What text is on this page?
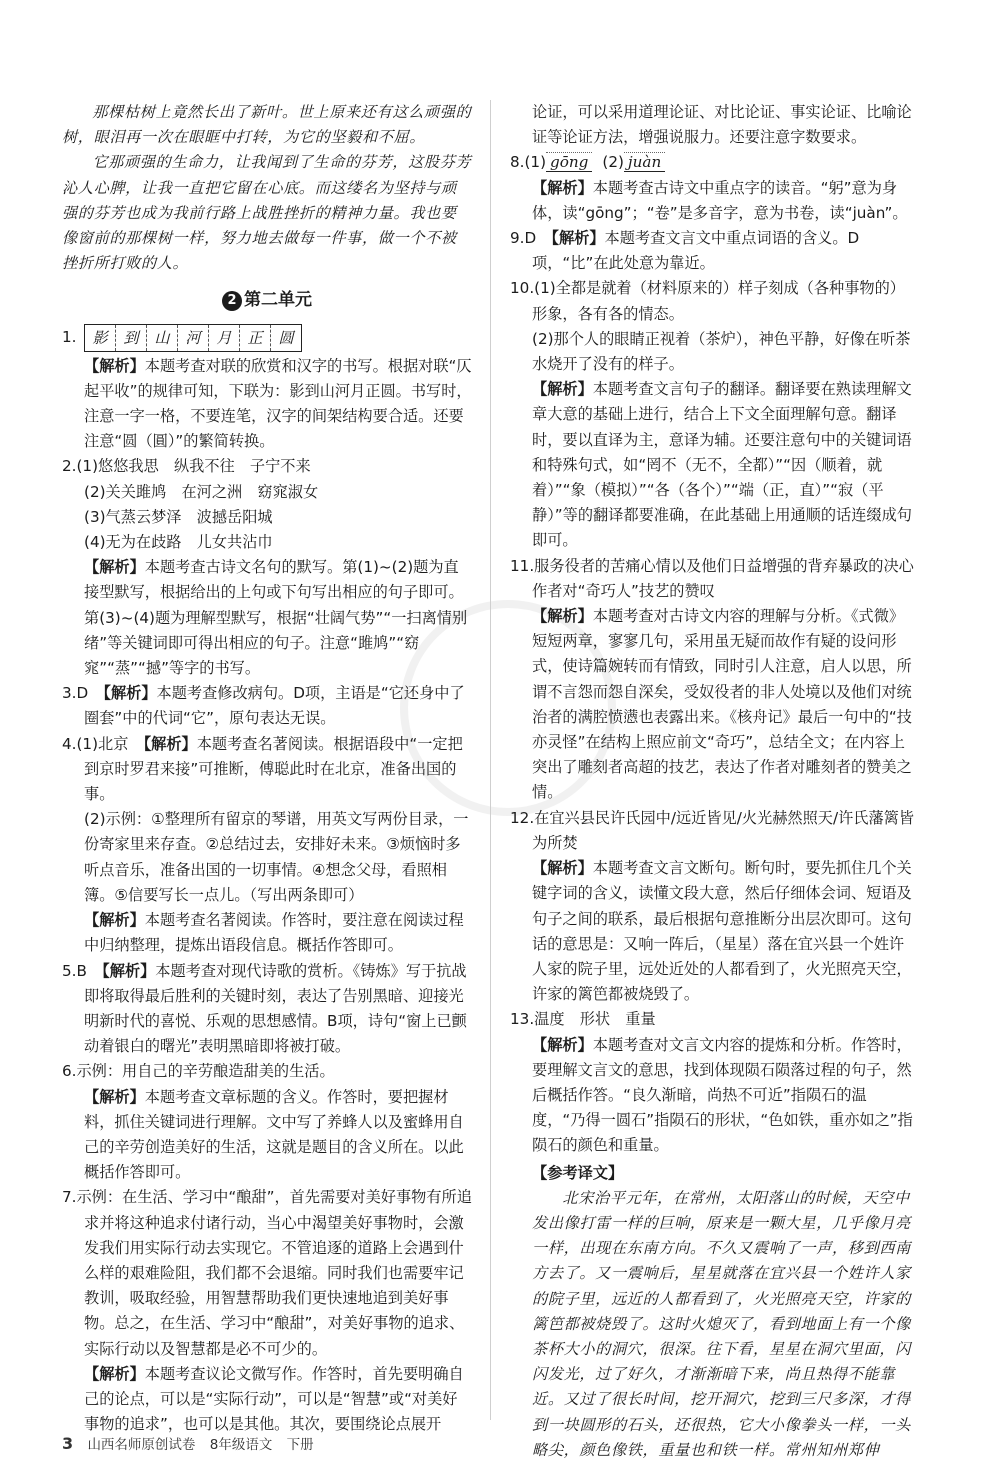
那棵枯树上竟然长出了新叶。世上原来还有这么顽强的树，眼泪再一次在眼眶中打转，为它的坚毅和不屈。

它那顽强的生命力，让我闻到了生命的芬芳，这股芬芳沁人心脾，让我一直把它留在心底。而这缕名为坚持与顽强的芬芳也成为我前行路上战胜挫折的精神力量。我也要像窗前的那棵树一样，努力地去做每一件事，做一个不被挫折所打败的人。

2 第二单元
1.	影	到	山	河	月	正	圆

【解析】本题考查对联的欣赏和汉字的书写。根据对联“仄起平收”的规律可知，下联为：影到山河月正圆。书写时，注意一字一格，不要连笔，汉字的间架结构要合适。还要注意“圆（圓）”的繁简转换。

2.(1)悠悠我思　纵我不往　子宁不来

(2)关关雎鸠　在河之洲　窈窕淑女

(3)气蒸云梦泽　波撼岳阳城

(4)无为在歧路　儿女共沾巾

【解析】本题考查古诗文名句的默写。第(1)~(2)题为直接型默写，根据给出的上句或下句写出相应的句子即可。第(3)~(4)题为理解型默写，根据“壮阔气势”“一扫离情别绪”等关键词即可得出相应的句子。注意“雎鸠”“窈窕”“蒸”“撼”等字的书写。

3.D　 【解析】本题考查修改病句。D项，主语是“它还身中了圈套”中的代词“它”，原句表达无误。

4.(1)北京　 【解析】本题考查名著阅读。根据语段中“一定把到京时罗君来接”可推断，傅聪此时在北京，准备出国的事。

(2)示例：①整理所有留京的琴谱，用英文写两份目录，一份寄家里来存查。②总结过去，安排好未来。③烦恼时多听点音乐，准备出国的一切事情。④想念父母，看照相簿。⑤信要写长一点儿。（写出两条即可）

【解析】本题考查名著阅读。作答时，要注意在阅读过程中归纳整理，提炼出语段信息。概括作答即可。

5.B　 【解析】本题考查对现代诗歌的赏析。《铸炼》写于抗战即将取得最后胜利的关键时刻，表达了告别黑暗、迎接光明新时代的喜悦、乐观的思想感情。B项，诗句“窗上已颤动着银白的曙光”表明黑暗即将被打破。

6.示例：用自己的辛劳酿造甜美的生活。

【解析】本题考查文章标题的含义。作答时，要把握材料，抓住关键词进行理解。文中写了养蜂人以及蜜蜂用自己的辛劳创造美好的生活，这就是题目的含义所在。以此概括作答即可。

7.示例：在生活、学习中“酿甜”，首先需要对美好事物有所追求并将这种追求付诸行动，当心中渴望美好事物时，会激发我们用实际行动去实现它。不管追逐的道路上会遇到什么样的艰难险阻，我们都不会退缩。同时我们也需要牢记教训，吸取经验，用智慧帮助我们更快速地追到美好事物。总之，在生活、学习中“酿甜”，对美好事物的追求、实际行动以及智慧都是必不可少的。

【解析】本题考查议论文微写作。作答时，首先要明确自己的论点，可以是“实际行动”，可以是“智慧”或“对美好事物的追求”，也可以是其他。其次，要围绕论点展开

论证，可以采用道理论证、对比论证、事实论证、比喻论证等论证方法，增强说服力。还要注意字数要求。

8.(1) gōng (2) juàn

【解析】本题考查古诗文中重点字的读音。“躬”意为身体，读“gōng”；“卷”是多音字，意为书卷，读“juàn”。

9.D　 【解析】本题考查文言文中重点词语的含义。D项，“比”在此处意为靠近。

10.(1)全都是就着（材料原来的）样子刻成（各种事物的）形象，各有各的情态。

(2)那个人的眼睛正视着（茶炉），神色平静，好像在听茶水烧开了没有的样子。

【解析】本题考查文言句子的翻译。翻译要在熟读理解文章大意的基础上进行，结合上下文全面理解句意。翻译时，要以直译为主，意译为辅。还要注意句中的关键词语和特殊句式，如“罔不（无不，全都）”“因（顺着，就着）”“象（模拟）”“各（各个）”“端（正，直）”“寂（平静）”等的翻译都要准确，在此基础上用通顺的话连缀成句即可。

11.服务役者的苦痛心情以及他们日益增强的背弃暴政的决心　作者对“奇巧人”技艺的赞叹

【解析】本题考查对古诗文内容的理解与分析。《式微》短短两章，寥寥几句，采用虽无疑而故作有疑的设问形式，使诗篇婉转而有情致，同时引人注意，启人以思，所谓不言怨而怨自深矣，受奴役者的非人处境以及他们对统治者的满腔愤懑也表露出来。《核舟记》最后一句中的“技亦灵怪”在结构上照应前文“奇巧”，总结全文；在内容上突出了雕刻者高超的技艺，表达了作者对雕刻者的赞美之情。

12.在宜兴县民许氏园中/远近皆见/火光赫然照天/许氏藩篱皆为所焚

【解析】本题考查文言文断句。断句时，要先抓住几个关键字词的含义，读懂文段大意，然后仔细体会词、短语及句子之间的联系，最后根据句意推断分出层次即可。这句话的意思是：又响一阵后，（星星）落在宜兴县一个姓许人家的院子里，远处近处的人都看到了，火光照亮天空，许家的篱笆都被烧毁了。

13.温度　形状　重量

【解析】本题考查对文言文内容的提炼和分析。作答时，要理解文言文的意思，找到体现陨石陨落过程的句子，然后概括作答。“良久渐暗，尚热不可近”指陨石的温度，“乃得一圆石”指陨石的形状，“色如铁，重亦如之”指陨石的颜色和重量。

【参考译文】

北宋治平元年，在常州，太阳落山的时候，天空中发出像打雷一样的巨响，原来是一颗大星，几乎像月亮一样，出现在东南方向。不久又震响了一声，移到西南方去了。又一震响后，星星就落在宜兴县一个姓许人家的院子里，远近的人都看到了，火光照亮天空，许家的篱笆都被烧毁了。这时火熄灭了，看到地面上有一个像茶杯大小的洞穴，很深。往下看，星星在洞穴里面，闪闪发光，过了好久，才渐渐暗下来，尚且热得不能靠近。又过了很长时间，挖开洞穴，挖到三尺多深，才得到一块圆形的石头，还很热，它大小像拳头一样，一头略尖，颜色像铁，重量也和铁一样。常州知州郑伸

3 山西名师原创试卷 8年级语文 下册
